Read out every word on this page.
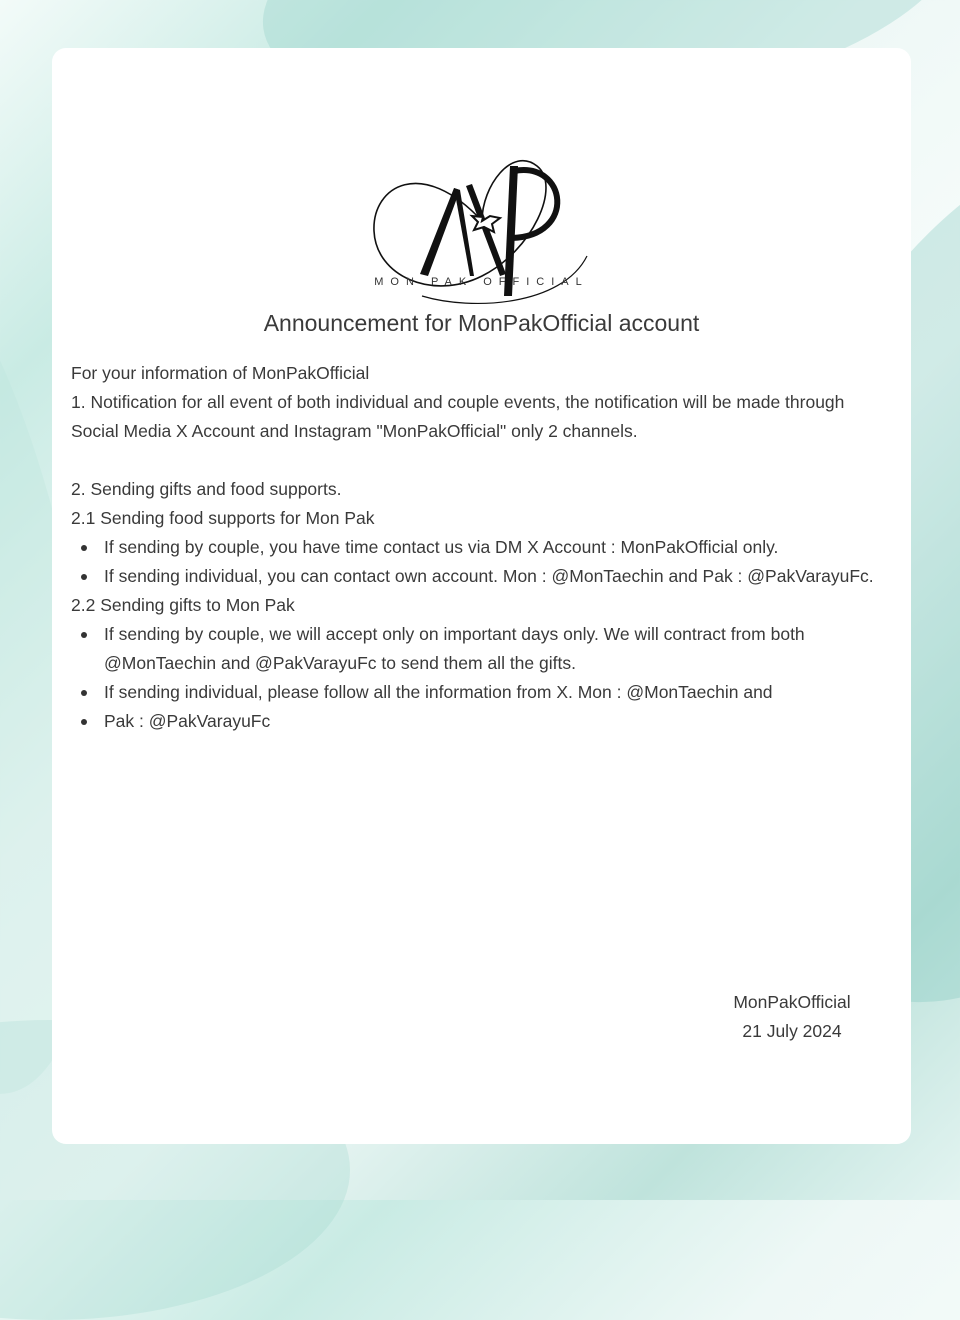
MON PAK OFFICIAL
Announcement for MonPakOfficial account

For your information of MonPakOfficial

1. Notification for all event of both individual and couple events, the notification will be made through Social Media X Account and Instagram "MonPakOfficial" only 2 channels.

2. Sending gifts and food supports.

2.1 Sending food supports for Mon Pak

If sending by couple, you have time contact us via DM X Account : MonPakOfficial only.
If sending individual, you can contact own account. Mon : @MonTaechin and Pak : @PakVarayuFc.

2.2 Sending gifts to Mon Pak

If sending by couple, we will accept only on important days only. We will contract from both @MonTaechin and @PakVarayuFc to send them all the gifts.
If sending individual, please follow all the information from X. Mon : @MonTaechin and
Pak : @PakVarayuFc
MonPakOfficial
21 July 2024
